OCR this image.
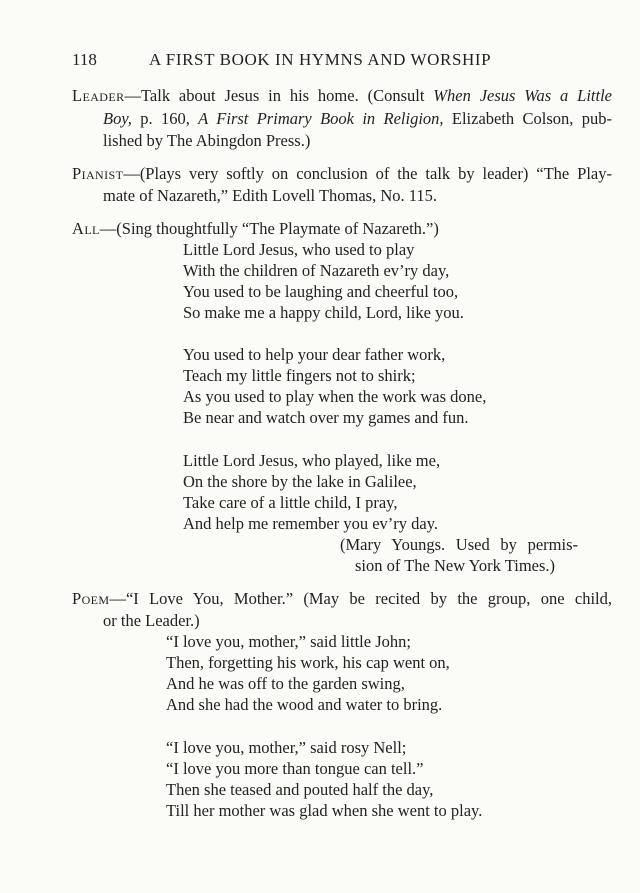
118	A FIRST BOOK IN HYMNS AND WORSHIP
Leader—Talk about Jesus in his home. (Consult When Jesus Was a Little
Boy, p. 160, A First Primary Book in Religion, Elizabeth Colson, pub-
lished by The Abingdon Press.)
Pianist—(Plays very softly on conclusion of the talk by leader) “The Play-
mate of Nazareth,” Edith Lovell Thomas, No. 115.
All—(Sing thoughtfully “The Playmate of Nazareth.”)
Little Lord Jesus, who used to play
With the children of Nazareth ev’ry day,
You used to be laughing and cheerful too,
So make me a happy child, Lord, like you.
You used to help your dear father work,
Teach my little fingers not to shirk;
As you used to play when the work was done,
Be near and watch over my games and fun.
Little Lord Jesus, who played, like me,
On the shore by the lake in Galilee,
Take care of a little child, I pray,
And help me remember you ev’ry day.
(Mary Youngs. Used by permis-
sion of The New York Times.)
Poem—“I Love You, Mother.” (May be recited by the group, one child,
or the Leader.)
“I love you, mother,” said little John;
Then, forgetting his work, his cap went on,
And he was off to the garden swing,
And she had the wood and water to bring.
“I love you, mother,” said rosy Nell;
“I love you more than tongue can tell.”
Then she teased and pouted half the day,
Till her mother was glad when she went to play.
